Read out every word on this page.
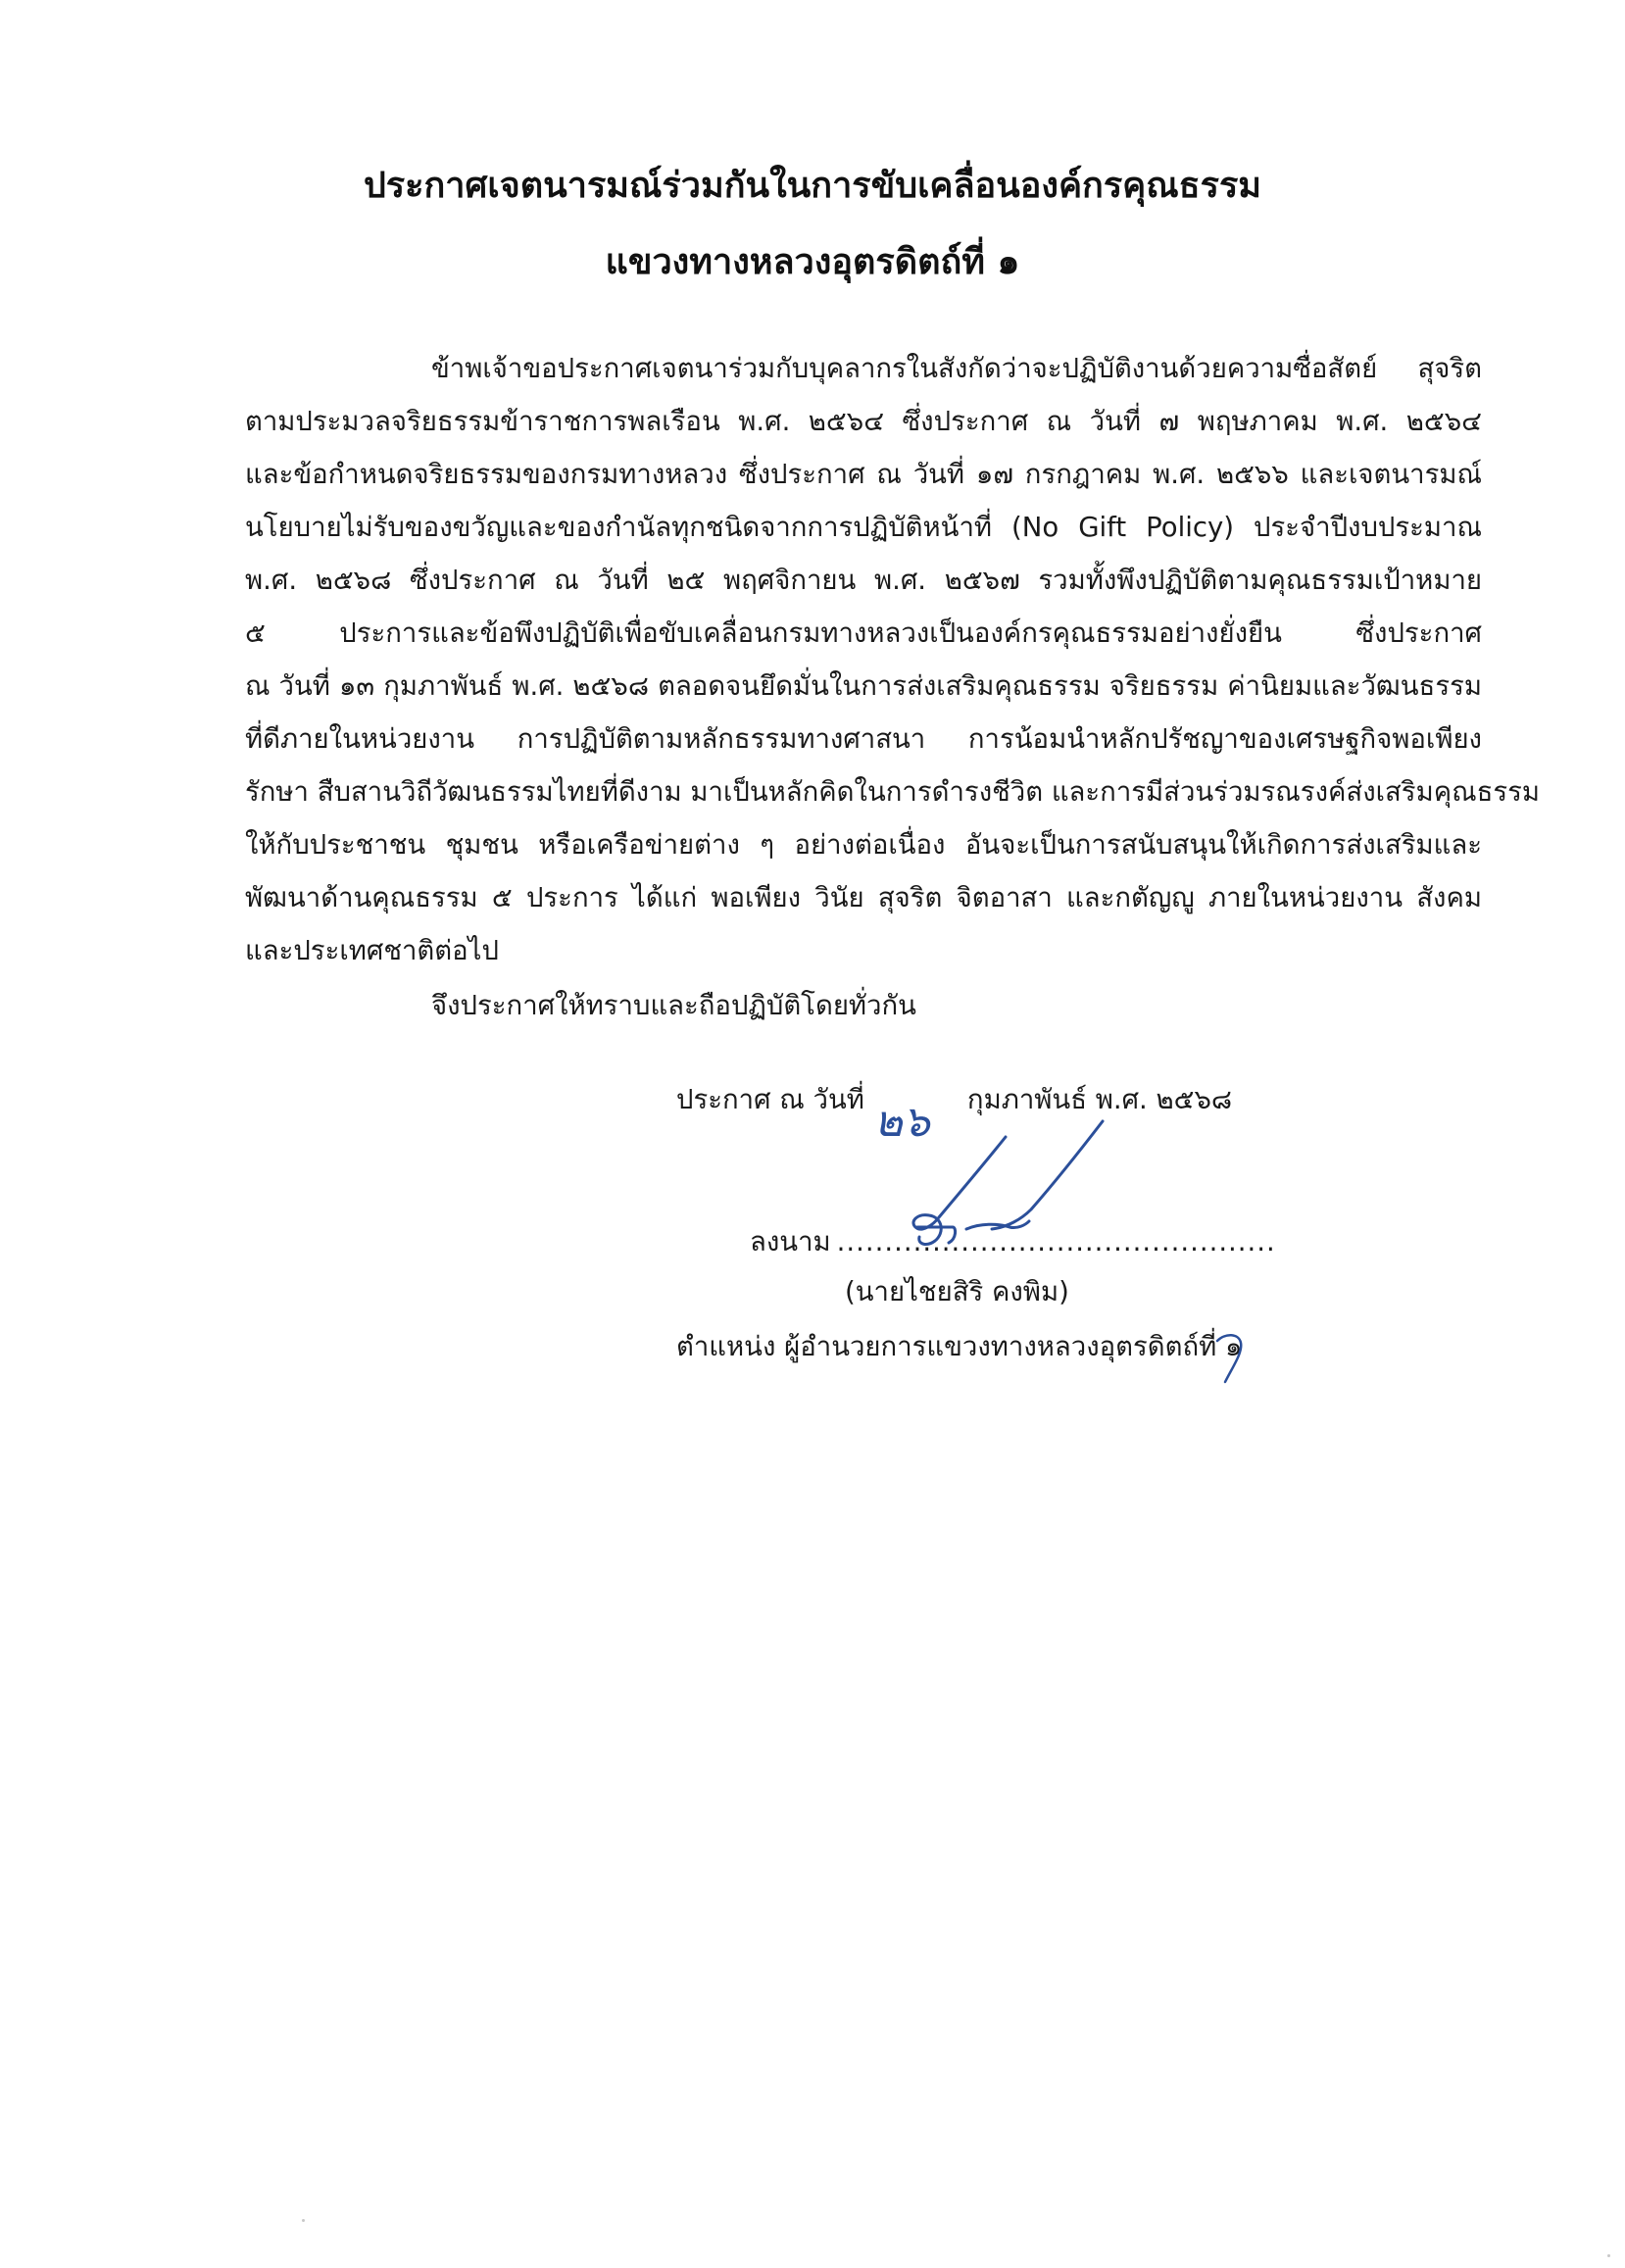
ประกาศเจตนารมณ์ร่วมกันในการขับเคลื่อนองค์กรคุณธรรม
แขวงทางหลวงอุตรดิตถ์ที่ ๑
ข้าพเจ้าขอประกาศเจตนาร่วมกับบุคลากรในสังกัดว่าจะปฏิบัติงานด้วยความซื่อสัตย์ สุจริต
ตามประมวลจริยธรรมข้าราชการพลเรือน พ.ศ. ๒๕๖๔ ซึ่งประกาศ ณ วันที่ ๗ พฤษภาคม พ.ศ. ๒๕๖๔
และข้อกำหนดจริยธรรมของกรมทางหลวง ซึ่งประกาศ ณ วันที่ ๑๗ กรกฎาคม พ.ศ. ๒๕๖๖ และเจตนารมณ์
นโยบายไม่รับของขวัญและของกำนัลทุกชนิดจากการปฏิบัติหน้าที่ (No Gift Policy) ประจำปีงบประมาณ
พ.ศ. ๒๕๖๘ ซึ่งประกาศ ณ วันที่ ๒๕ พฤศจิกายน พ.ศ. ๒๕๖๗ รวมทั้งพึงปฏิบัติตามคุณธรรมเป้าหมาย
๕ ประการและข้อพึงปฏิบัติเพื่อขับเคลื่อนกรมทางหลวงเป็นองค์กรคุณธรรมอย่างยั่งยืน ซึ่งประกาศ
ณ วันที่ ๑๓ กุมภาพันธ์ พ.ศ. ๒๕๖๘ ตลอดจนยึดมั่นในการส่งเสริมคุณธรรม จริยธรรม ค่านิยมและวัฒนธรรม
ที่ดีภายในหน่วยงาน การปฏิบัติตามหลักธรรมทางศาสนา การน้อมนำหลักปรัชญาของเศรษฐกิจพอเพียง
รักษา สืบสานวิถีวัฒนธรรมไทยที่ดีงาม มาเป็นหลักคิดในการดำรงชีวิต และการมีส่วนร่วมรณรงค์ส่งเสริมคุณธรรม
ให้กับประชาชน ชุมชน หรือเครือข่ายต่าง ๆ อย่างต่อเนื่อง อันจะเป็นการสนับสนุนให้เกิดการส่งเสริมและ
พัฒนาด้านคุณธรรม ๕ ประการ ได้แก่ พอเพียง วินัย สุจริต จิตอาสา และกตัญญู ภายในหน่วยงาน สังคม
และประเทศชาติต่อไป
จึงประกาศให้ทราบและถือปฏิบัติโดยทั่วกัน
ประกาศ ณ วันที่ ๒๖ กุมภาพันธ์ พ.ศ. ๒๕๖๘
ลงนาม ..............................................
(นายไชยสิริ คงพิม)
ตำแหน่ง ผู้อำนวยการแขวงทางหลวงอุตรดิตถ์ที่ ๑
